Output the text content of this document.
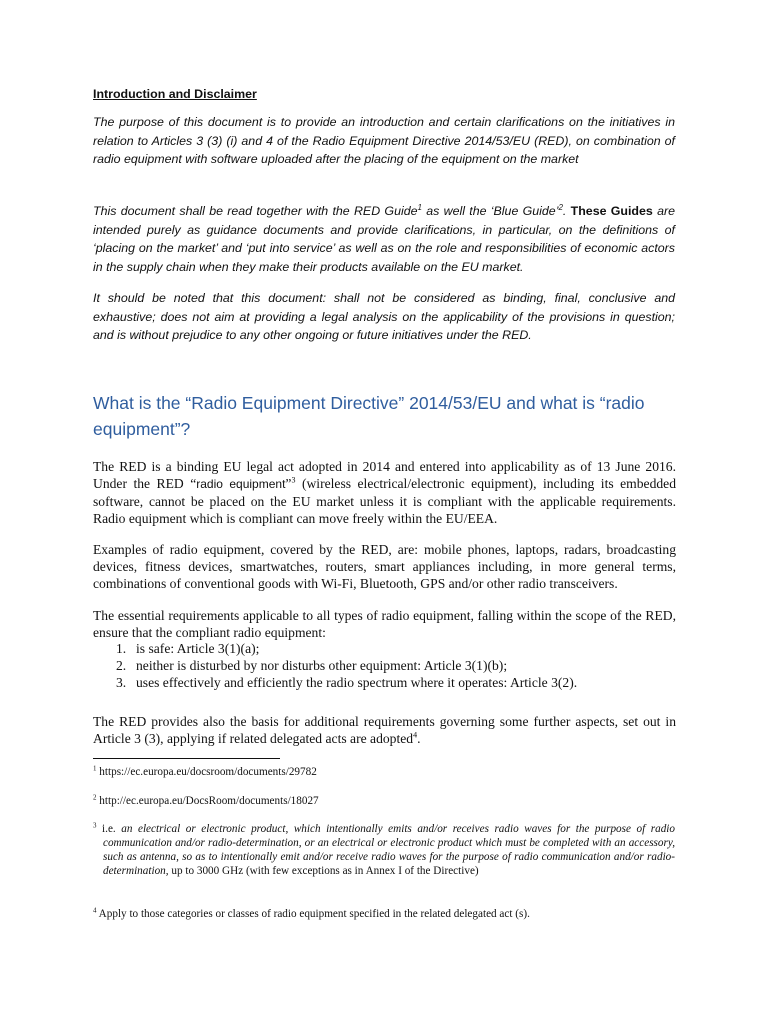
Introduction and Disclaimer
The purpose of this document is to provide an introduction and certain clarifications on the initiatives in relation to Articles 3 (3) (i) and 4 of the Radio Equipment Directive 2014/53/EU (RED), on combination of radio equipment with software uploaded after the placing of the equipment on the market
This document shall be read together with the RED Guide$^1$ as well the ‘Blue Guide’$^2$. These Guides are intended purely as guidance documents and provide clarifications, in particular, on the definitions of ‘placing on the market’ and ‘put into service’ as well as on the role and responsibilities of economic actors in the supply chain when they make their products available on the EU market.
It should be noted that this document: shall not be considered as binding, final, conclusive and exhaustive; does not aim at providing a legal analysis on the applicability of the provisions in question; and is without prejudice to any other ongoing or future initiatives under the RED.
What is the “Radio Equipment Directive” 2014/53/EU and what is “radio equipment”?
The RED is a binding EU legal act adopted in 2014 and entered into applicability as of 13 June 2016. Under the RED “radio equipment”$^3$ (wireless electrical/electronic equipment), including its embedded software, cannot be placed on the EU market unless it is compliant with the applicable requirements. Radio equipment which is compliant can move freely within the EU/EEA.
Examples of radio equipment, covered by the RED, are: mobile phones, laptops, radars, broadcasting devices, fitness devices, smartwatches, routers, smart appliances including, in more general terms, combinations of conventional goods with Wi-Fi, Bluetooth, GPS and/or other radio transceivers.
The essential requirements applicable to all types of radio equipment, falling within the scope of the RED, ensure that the compliant radio equipment:
1. is safe: Article 3(1)(a);
2. neither is disturbed by nor disturbs other equipment: Article 3(1)(b);
3. uses effectively and efficiently the radio spectrum where it operates: Article 3(2).
The RED provides also the basis for additional requirements governing some further aspects, set out in Article 3 (3), applying if related delegated acts are adopted$^4$.
$^1$ https://ec.europa.eu/docsroom/documents/29782
$^2$ http://ec.europa.eu/DocsRoom/documents/18027
$^3$ i.e. an electrical or electronic product, which intentionally emits and/or receives radio waves for the purpose of radio communication and/or radio-determination, or an electrical or electronic product which must be completed with an accessory, such as antenna, so as to intentionally emit and/or receive radio waves for the purpose of radio communication and/or radio-determination, up to 3000 GHz (with few exceptions as in Annex I of the Directive)
$^4$ Apply to those categories or classes of radio equipment specified in the related delegated act (s).
